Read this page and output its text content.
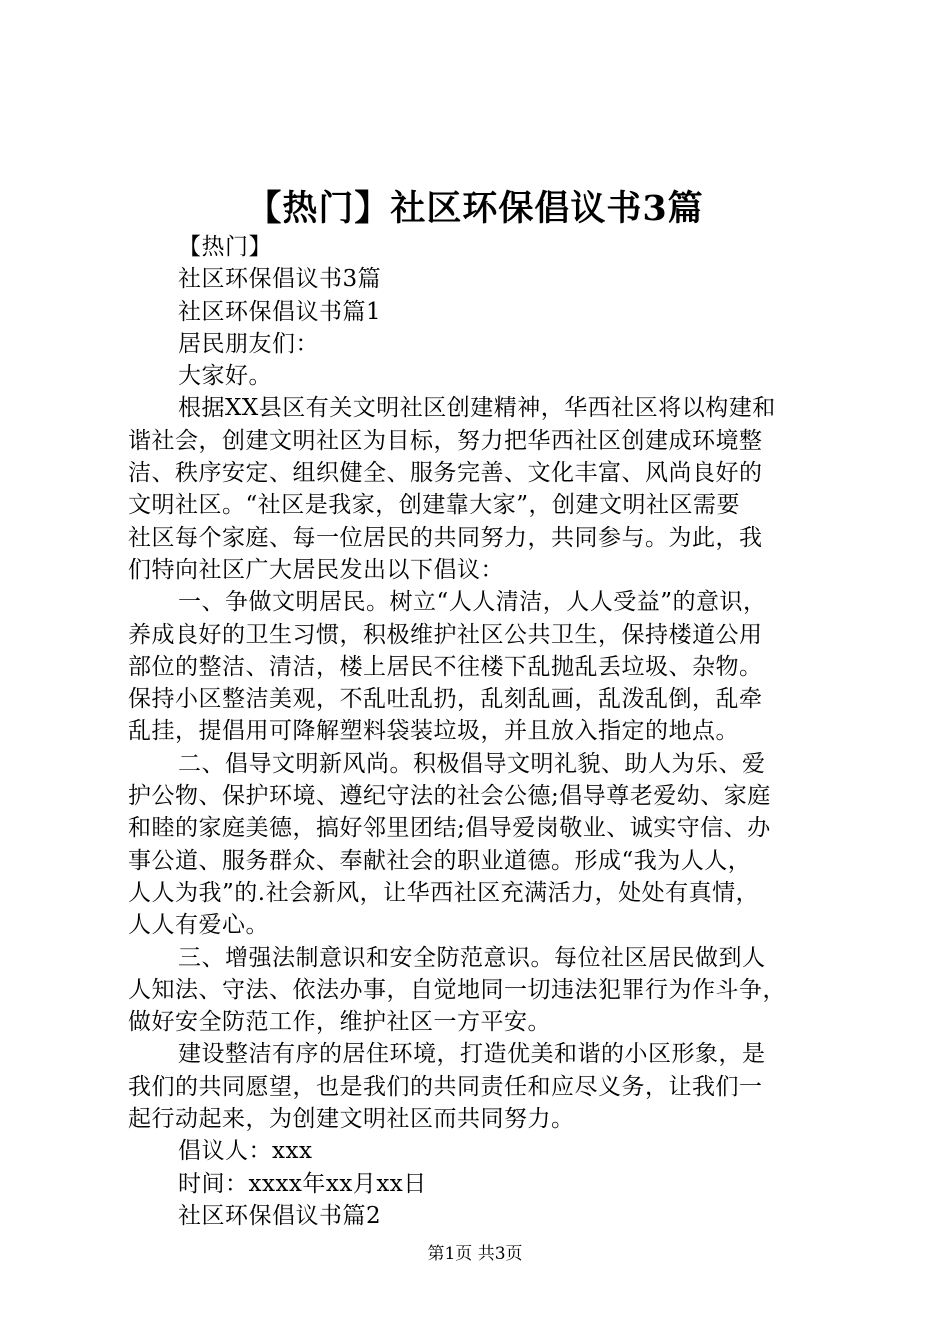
【热门】社区环保倡议书3篇
【热门】
社区环保倡议书3篇
社区环保倡议书篇1
居民朋友们：
大家好。
根据XX县区有关文明社区创建精神，华西社区将以构建和
谐社会，创建文明社区为目标，努力把华西社区创建成环境整
洁、秩序安定、组织健全、服务完善、文化丰富、风尚良好的
文明社区。“社区是我家，创建靠大家”，创建文明社区需要
社区每个家庭、每一位居民的共同努力，共同参与。为此，我
们特向社区广大居民发出以下倡议：
一、争做文明居民。树立“人人清洁，人人受益”的意识，
养成良好的卫生习惯，积极维护社区公共卫生，保持楼道公用
部位的整洁、清洁，楼上居民不往楼下乱抛乱丢垃圾、杂物。
保持小区整洁美观，不乱吐乱扔，乱刻乱画，乱泼乱倒，乱牵
乱挂，提倡用可降解塑料袋装垃圾，并且放入指定的地点。
二、倡导文明新风尚。积极倡导文明礼貌、助人为乐、爱
护公物、保护环境、遵纪守法的社会公德;倡导尊老爱幼、家庭
和睦的家庭美德，搞好邻里团结;倡导爱岗敬业、诚实守信、办
事公道、服务群众、奉献社会的职业道德。形成“我为人人，
人人为我”的.社会新风，让华西社区充满活力，处处有真情，
人人有爱心。
三、增强法制意识和安全防范意识。每位社区居民做到人
人知法、守法、依法办事，自觉地同一切违法犯罪行为作斗争，
做好安全防范工作，维护社区一方平安。
建设整洁有序的居住环境，打造优美和谐的小区形象，是
我们的共同愿望，也是我们的共同责任和应尽义务，让我们一
起行动起来，为创建文明社区而共同努力。
倡议人：xxx
时间：xxxx年xx月xx日
社区环保倡议书篇2
第1页 共3页
